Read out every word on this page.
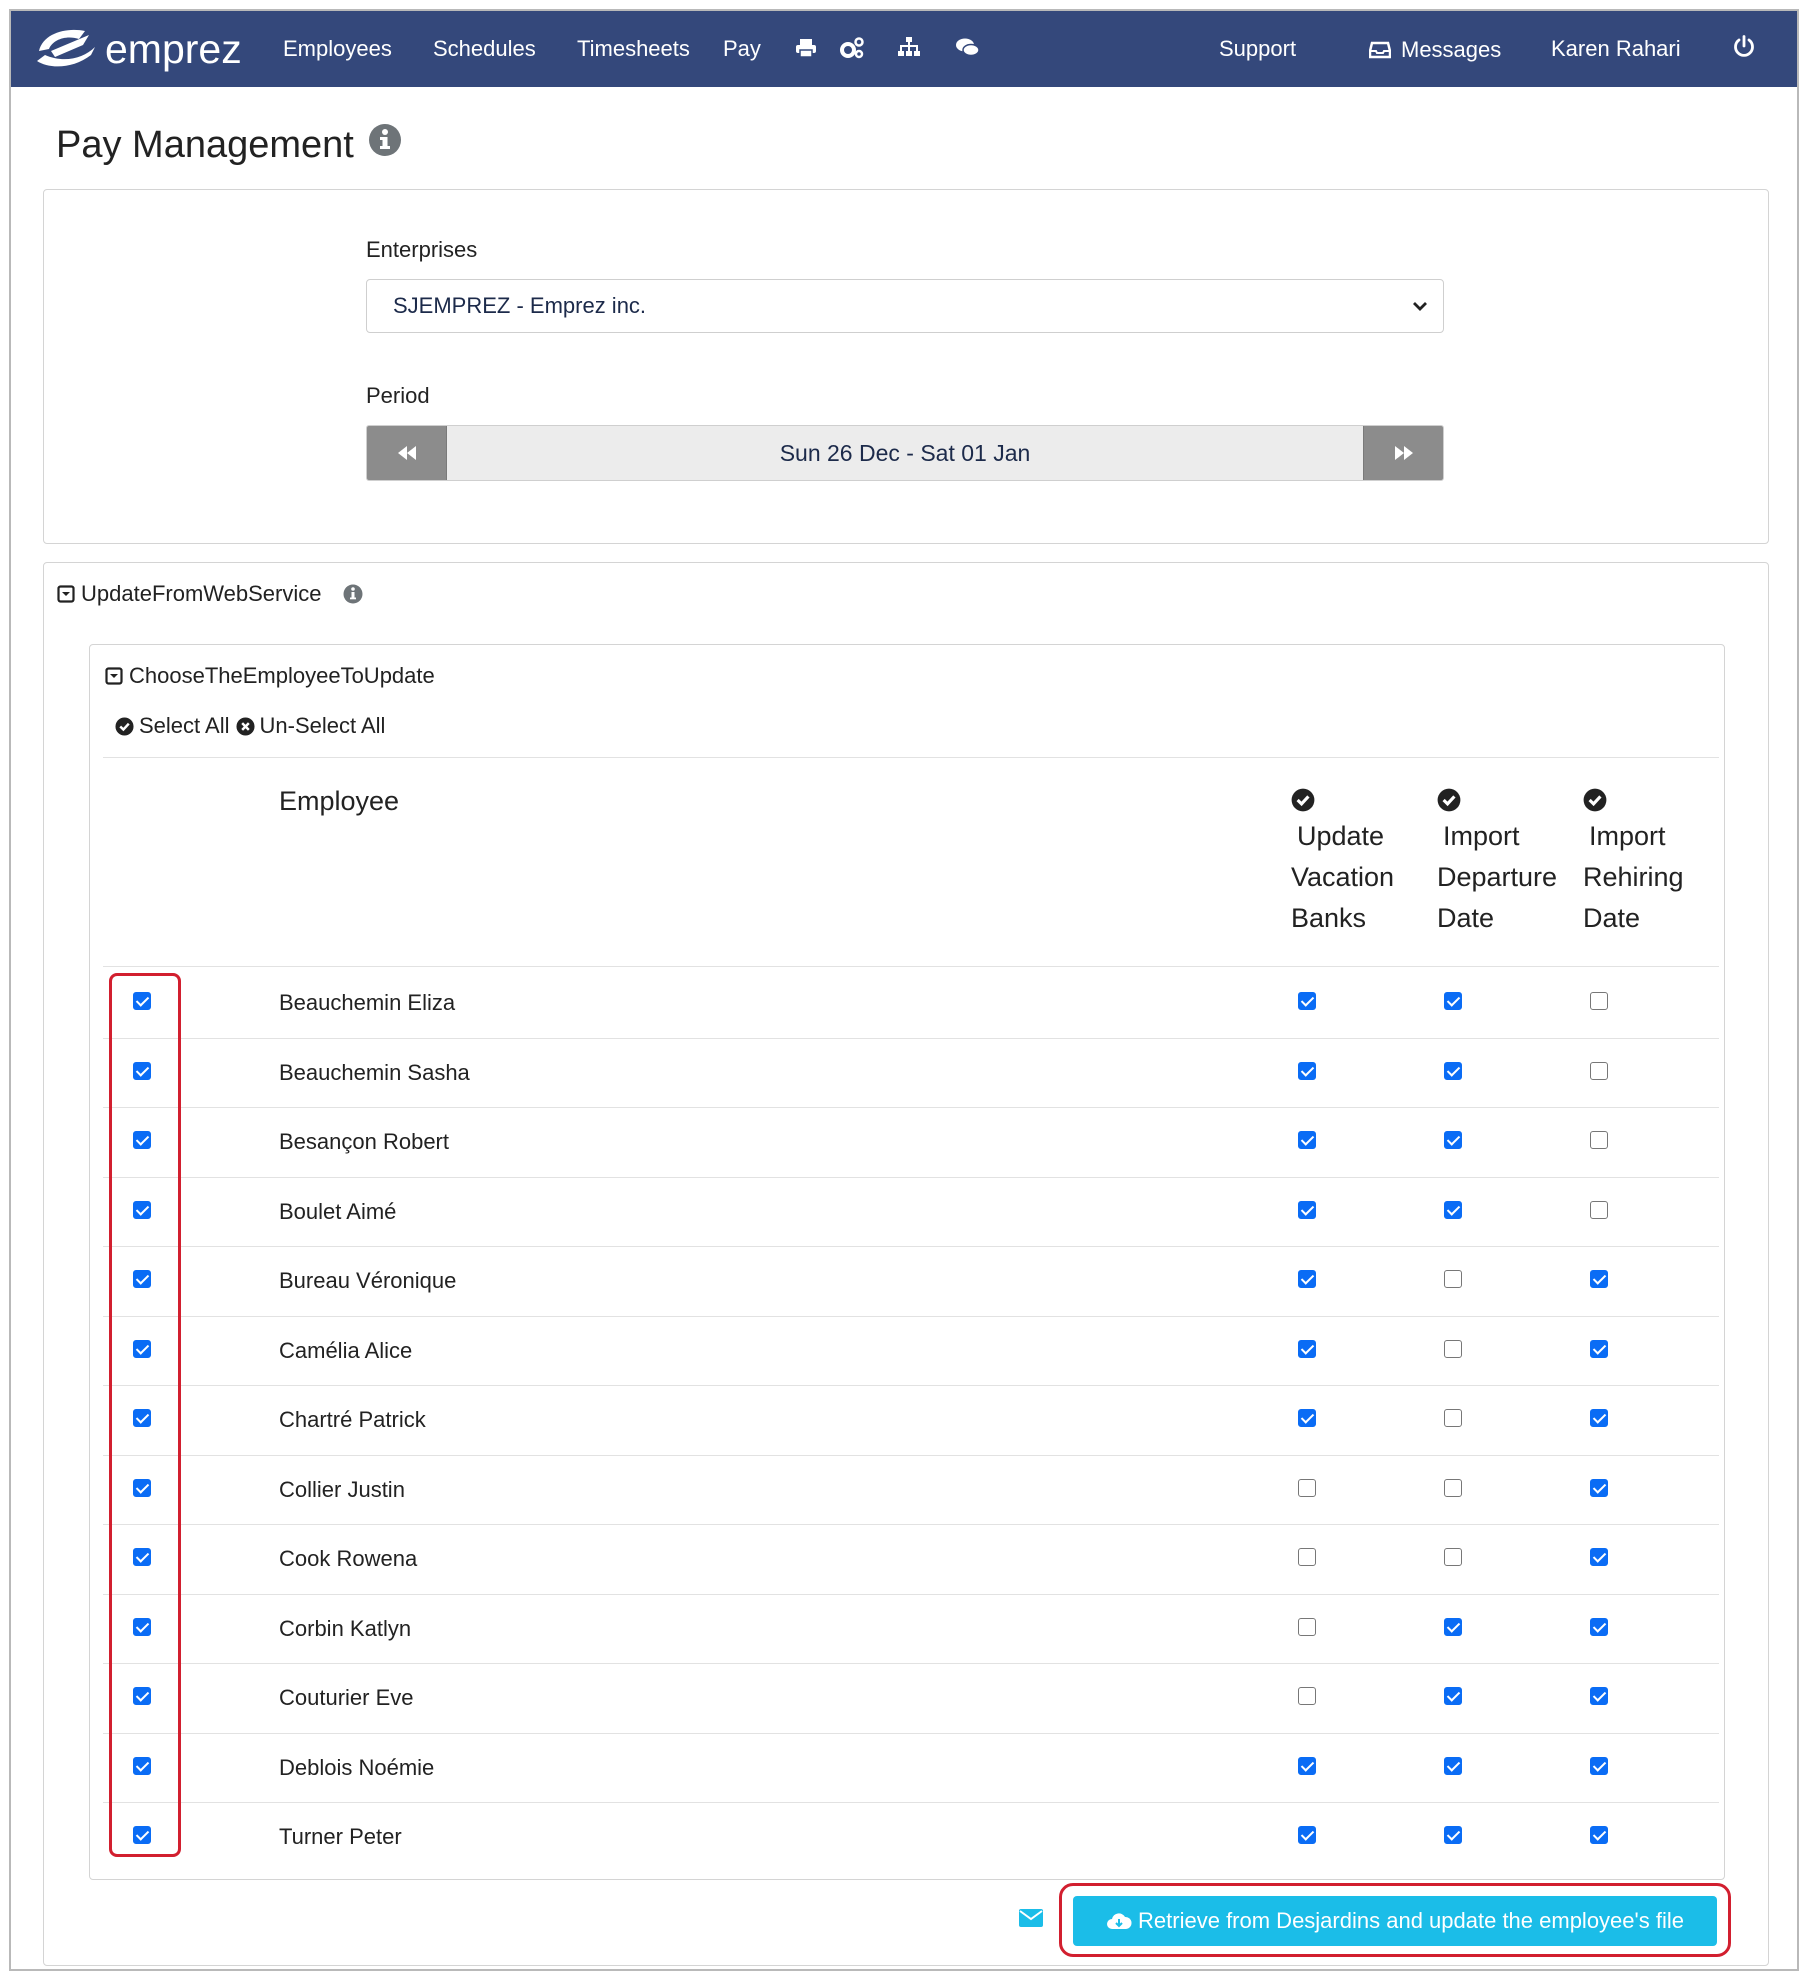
emprez Employees Schedules Timesheets Pay	Support	Messages Karen Rahari
Pay Management
Enterprises
SJEMPREZ - Emprez inc.
Period
Sun 26 Dec - Sat 01 Jan
UpdateFromWebService
ChooseTheEmployeeToUpdate
Select All Un-Select All
Employee
Update
Vacation
Banks
Import
Departure
Date
Import
Rehiring
Date
Beauchemin Eliza
Beauchemin Sasha
Besançon Robert
Boulet Aimé
Bureau Véronique
Camélia Alice
Chartré Patrick
Collier Justin
Cook Rowena
Corbin Katlyn
Couturier Eve
Deblois Noémie
Turner Peter
Retrieve from Desjardins and update the employee's file
